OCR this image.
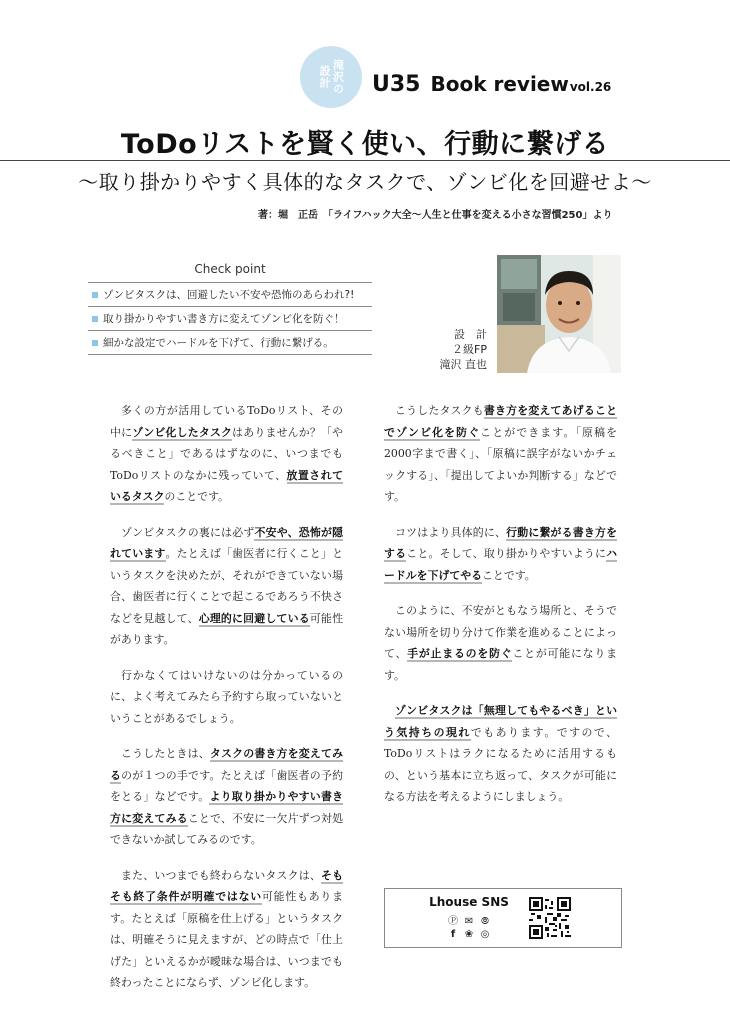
設計 滝沢の U35 Book review vol.26
ToDoリストを賢く使い、行動に繋げる
～取り掛かりやすく具体的なタスクで、ゾンビ化を回避せよ～
著：堀　正岳　「ライフハック大全～人生と仕事を変える小さな習慣250」より
Check point
ゾンビタスクは、回避したい不安や恐怖のあらわれ?!
取り掛かりやすい書き方に変えてゾンビ化を防ぐ！
細かな設定でハードルを下げて、行動に繋げる。
設　計
２級FP
滝沢 直也

多くの方が活用しているToDoリスト、その中にゾンビ化したタスクはありませんか？「やるべきこと」であるはずなのに、いつまでもToDoリストのなかに残っていて、放置されているタスクのことです。

ゾンビタスクの裏には必ず不安や、恐怖が隠れています。たとえば「歯医者に行くこと」というタスクを決めたが、それができていない場合、歯医者に行くことで起こるであろう不快さなどを見越して、心理的に回避している可能性があります。

行かなくてはいけないのは分かっているのに、よく考えてみたら予約すら取っていないということがあるでしょう。

こうしたときは、タスクの書き方を変えてみるのが１つの手です。たとえば「歯医者の予約をとる」などです。より取り掛かりやすい書き方に変えてみることで、不安に一欠片ずつ対処できないか試してみるのです。

また、いつまでも終わらないタスクは、そもそも終了条件が明確ではない可能性もあります。たとえば「原稿を仕上げる」というタスクは、明確そうに見えますが、どの時点で「仕上げた」といえるかが曖昧な場合は、いつまでも終わったことにならず、ゾンビ化します。

こうしたタスクも書き方を変えてあげることでゾンビ化を防ぐことができます。「原稿を2000字まで書く」、「原稿に誤字がないかチェックする」、「提出してよいか判断する」などです。

コツはより具体的に、行動に繋がる書き方をすること。そして、取り掛かりやすいようにハードルを下げてやることです。

このように、不安がともなう場所と、そうでない場所を切り分けて作業を進めることによって、手が止まるのを防ぐことが可能になります。

ゾンビタスクは「無理してもやるべき」という気持ちの現れでもあります。ですので、ToDoリストはラクになるために活用するもの、という基本に立ち返って、タスクが可能になる方法を考えるようにしましょう。

Lhouse SNS
Ⓟ ✉ ⦾
f ❀ ◎
